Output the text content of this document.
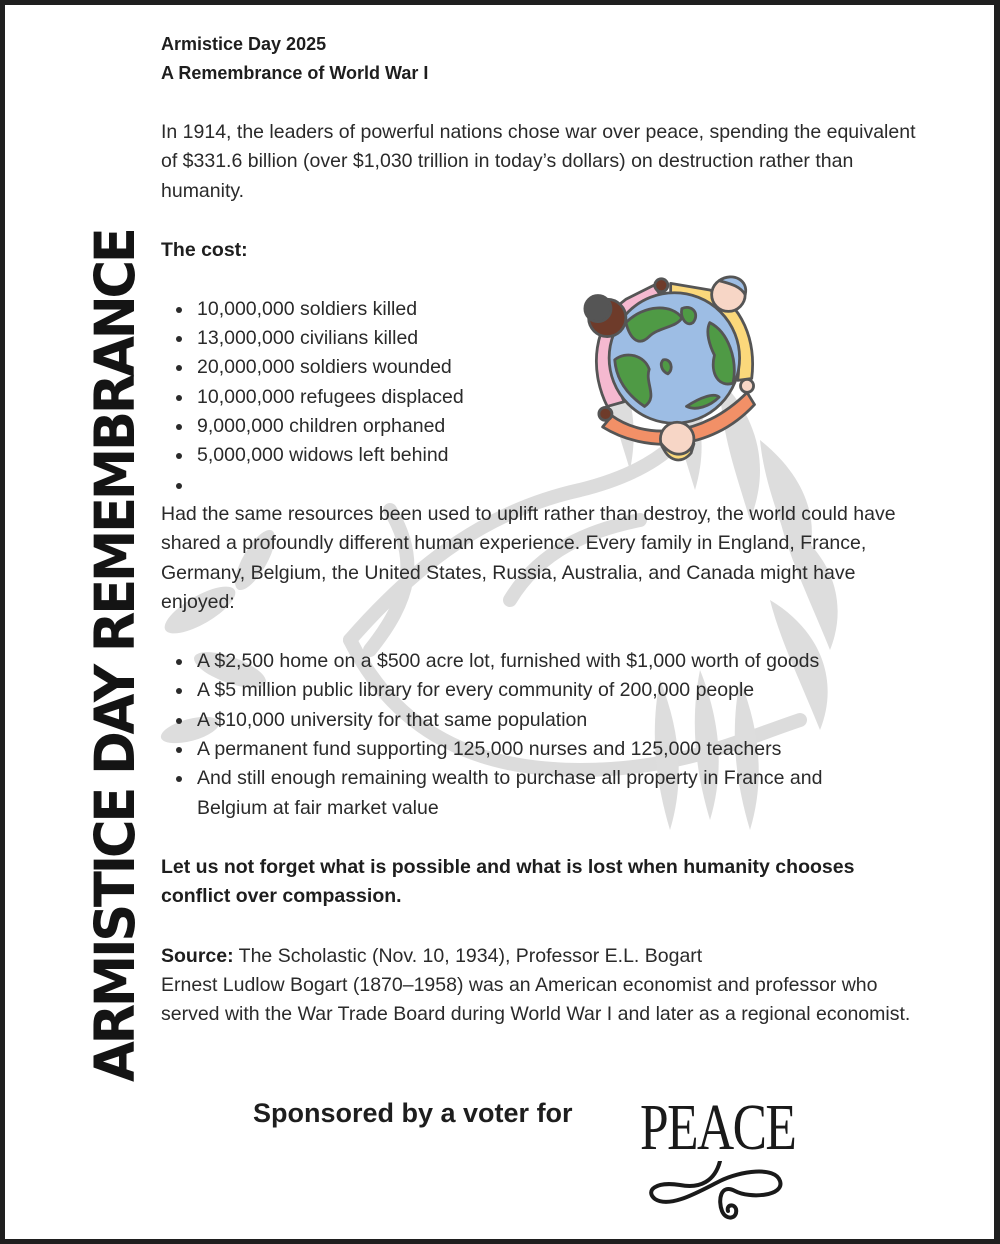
ARMISTICE DAY REMEMBRANCE

Armistice Day 2025

A Remembrance of World War I

In 1914, the leaders of powerful nations chose war over peace, spending the equivalent of $331.6 billion (over $1,030 trillion in today’s dollars) on destruction rather than humanity.

The cost:

10,000,000 soldiers killed
13,000,000 civilians killed
20,000,000 soldiers wounded
10,000,000 refugees displaced
9,000,000 children orphaned
5,000,000 widows left behind

Had the same resources been used to uplift rather than destroy, the world could have shared a profoundly different human experience. Every family in England, France, Germany, Belgium, the United States, Russia, Australia, and Canada might have enjoyed:

A $2,500 home on a $500 acre lot, furnished with $1,000 worth of goods
A $5 million public library for every community of 200,000 people
A $10,000 university for that same population
A permanent fund supporting 125,000 nurses and 125,000 teachers
And still enough remaining wealth to purchase all property in France and Belgium at fair market value

Let us not forget what is possible and what is lost when humanity chooses conflict over compassion.

Source: The Scholastic (Nov. 10, 1934), Professor E.L. Bogart

Ernest Ludlow Bogart (1870–1958) was an American economist and professor who served with the War Trade Board during World War I and later as a regional economist.

Sponsored by a voter for PEACE
